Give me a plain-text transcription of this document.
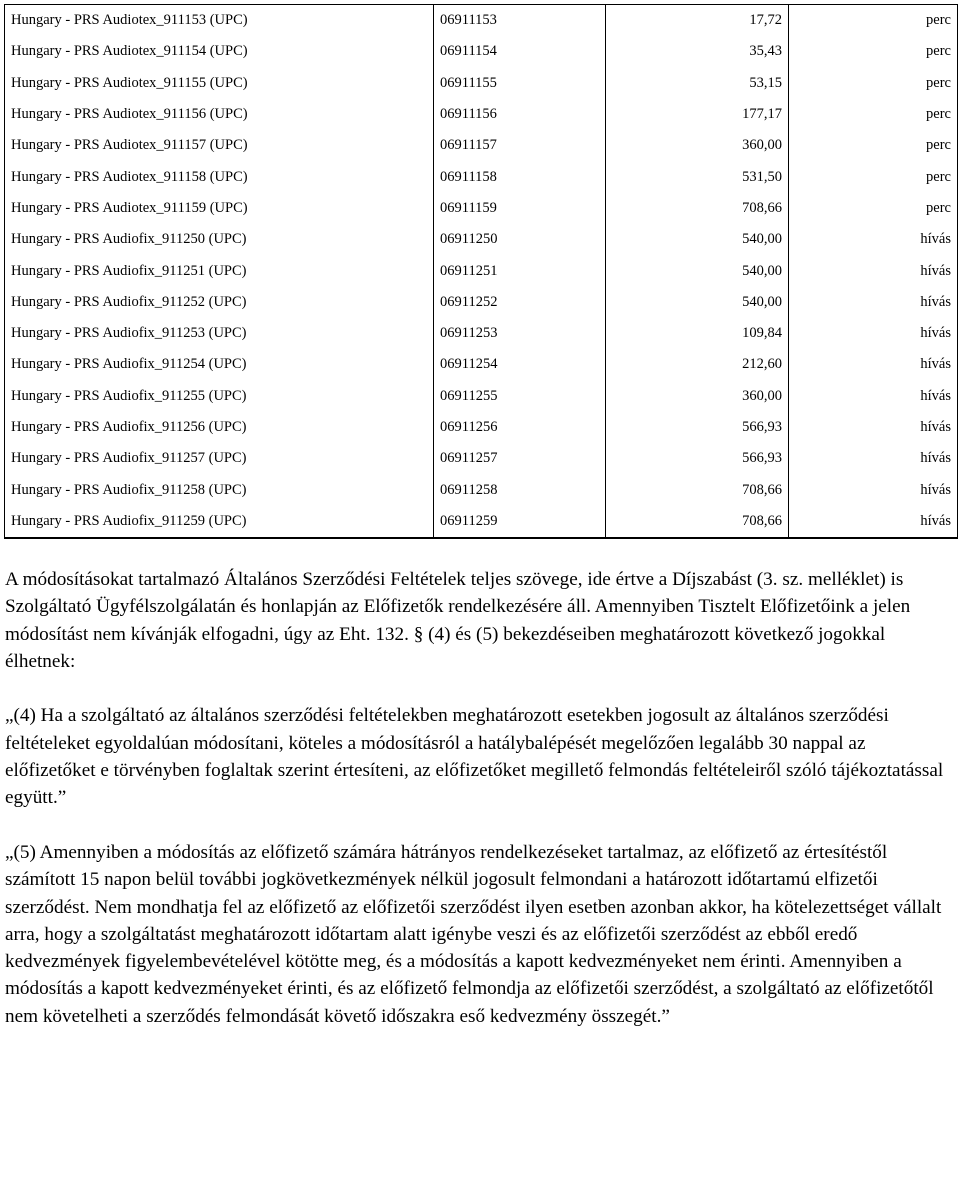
Hungary - PRS Audiotex_911153 (UPC)	06911153	17,72	perc
Hungary - PRS Audiotex_911154 (UPC)	06911154	35,43	perc
Hungary - PRS Audiotex_911155 (UPC)	06911155	53,15	perc
Hungary - PRS Audiotex_911156 (UPC)	06911156	177,17	perc
Hungary - PRS Audiotex_911157 (UPC)	06911157	360,00	perc
Hungary - PRS Audiotex_911158 (UPC)	06911158	531,50	perc
Hungary - PRS Audiotex_911159 (UPC)	06911159	708,66	perc
Hungary - PRS Audiofix_911250 (UPC)	06911250	540,00	hívás
Hungary - PRS Audiofix_911251 (UPC)	06911251	540,00	hívás
Hungary - PRS Audiofix_911252 (UPC)	06911252	540,00	hívás
Hungary - PRS Audiofix_911253 (UPC)	06911253	109,84	hívás
Hungary - PRS Audiofix_911254 (UPC)	06911254	212,60	hívás
Hungary - PRS Audiofix_911255 (UPC)	06911255	360,00	hívás
Hungary - PRS Audiofix_911256 (UPC)	06911256	566,93	hívás
Hungary - PRS Audiofix_911257 (UPC)	06911257	566,93	hívás
Hungary - PRS Audiofix_911258 (UPC)	06911258	708,66	hívás
Hungary - PRS Audiofix_911259 (UPC)	06911259	708,66	hívás

A módosításokat tartalmazó Általános Szerződési Feltételek teljes szövege, ide értve a Díjszabást (3. sz. melléklet) is Szolgáltató Ügyfélszolgálatán és honlapján az Előfizetők rendelkezésére áll. Amennyiben Tisztelt Előfizetőink a jelen módosítást nem kívánják elfogadni, úgy az Eht. 132. § (4) és (5) bekezdéseiben meghatározott következő jogokkal élhetnek:

„(4) Ha a szolgáltató az általános szerződési feltételekben meghatározott esetekben jogosult az általános szerződési feltételeket egyoldalúan módosítani, köteles a módosításról a hatálybalépését megelőzően legalább 30 nappal az előfizetőket e törvényben foglaltak szerint értesíteni, az előfizetőket megillető felmondás feltételeiről szóló tájékoztatással együtt.”

„(5) Amennyiben a módosítás az előfizető számára hátrányos rendelkezéseket tartalmaz, az előfizető az értesítéstől számított 15 napon belül további jogkövetkezmények nélkül jogosult felmondani a határozott időtartamú elfizetői szerződést. Nem mondhatja fel az előfizető az előfizetői szerződést ilyen esetben azonban akkor, ha kötelezettséget vállalt arra, hogy a szolgáltatást meghatározott időtartam alatt igénybe veszi és az előfizetői szerződést az ebből eredő kedvezmények figyelembevételével kötötte meg, és a módosítás a kapott kedvezményeket nem érinti. Amennyiben a módosítás a kapott kedvezményeket érinti, és az előfizető felmondja az előfizetői szerződést, a szolgáltató az előfizetőtől nem követelheti a szerződés felmondását követő időszakra eső kedvezmény összegét.”
